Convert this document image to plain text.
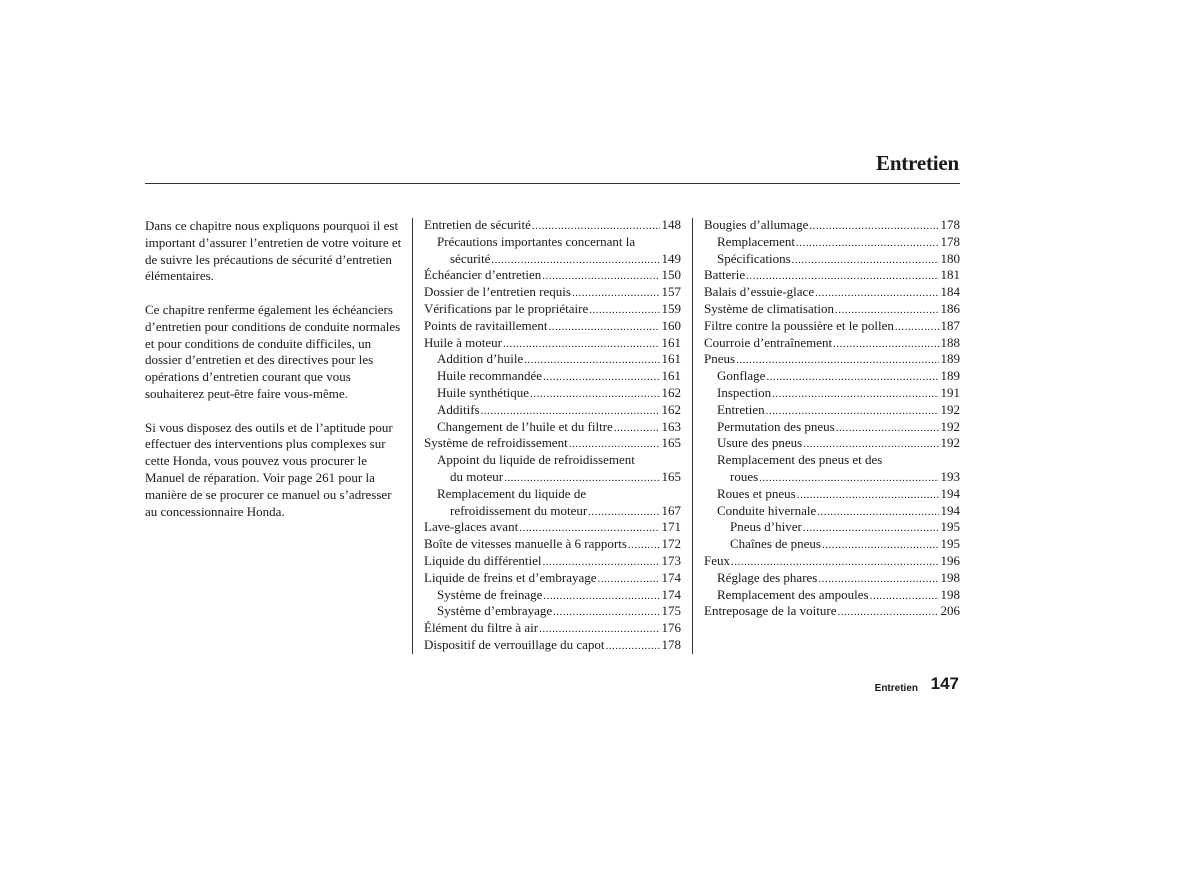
Entretien

Dans ce chapitre nous expliquons pourquoi il est important d’assurer l’entretien de votre voiture et de suivre les précautions de sécurité d’entretien élémentaires.

Ce chapitre renferme également les échéanciers d’entretien pour conditions de conduite normales et pour conditions de conduite difficiles, un dossier d’entretien et des directives pour les opérations d’entretien courant que vous souhaiterez peut-être faire vous-même.

Si vous disposez des outils et de l’aptitude pour effectuer des interventions plus complexes sur cette Honda, vous pouvez vous procurer le Manuel de réparation. Voir page 261 pour la manière de se procurer ce manuel ou s’adresser au concessionnaire Honda.

Entretien de sécurité .....	148
Précautions importantes concernant la
sécurité .....	149
Échéancier d’entretien .....	150
Dossier de l’entretien requis .....	157
Vérifications par le propriétaire .....	159
Points de ravitaillement .....	160
Huile à moteur .....	161
Addition d’huile .....	161
Huile recommandée .....	161
Huile synthétique .....	162
Additifs .....	162
Changement de l’huile et du filtre .....	163
Système de refroidissement .....	165
Appoint du liquide de refroidissement
du moteur .....	165
Remplacement du liquide de
refroidissement du moteur .....	167
Lave-glaces avant .....	171
Boîte de vitesses manuelle à 6 rapports .....	172
Liquide du différentiel .....	173
Liquide de freins et d’embrayage .....	174
Système de freinage .....	174
Système d’embrayage .....	175
Élément du filtre à air .....	176
Dispositif de verrouillage du capot .....	178
Bougies d’allumage .....	178
Remplacement .....	178
Spécifications .....	180
Batterie .....	181
Balais d’essuie-glace .....	184
Système de climatisation .....	186
Filtre contre la poussière et le pollen .....	187
Courroie d’entraînement .....	188
Pneus .....	189
Gonflage .....	189
Inspection .....	191
Entretien .....	192
Permutation des pneus .....	192
Usure des pneus .....	192
Remplacement des pneus et des
roues .....	193
Roues et pneus .....	194
Conduite hivernale .....	194
Pneus d’hiver .....	195
Chaînes de pneus .....	195
Feux .....	196
Réglage des phares .....	198
Remplacement des ampoules .....	198
Entreposage de la voiture .....	206
Entretien 147
